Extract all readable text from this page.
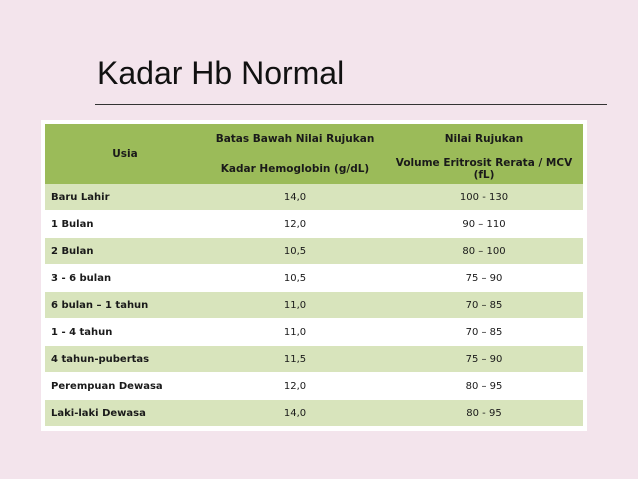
Kadar Hb Normal
Usia	Batas Bawah Nilai Rujukan	Nilai Rujukan
	Kadar Hemoglobin (g/dL)	Volume Eritrosit Rerata / MCV (fL)
Baru Lahir	14,0	100 - 130
1 Bulan	12,0	90 – 110
2 Bulan	10,5	80 – 100
3 - 6 bulan	10,5	75 – 90
6 bulan – 1 tahun	11,0	70 – 85
1 - 4 tahun	11,0	70 – 85
4 tahun-pubertas	11,5	75 – 90
Perempuan Dewasa	12,0	80 – 95
Laki-laki Dewasa	14,0	80 - 95
